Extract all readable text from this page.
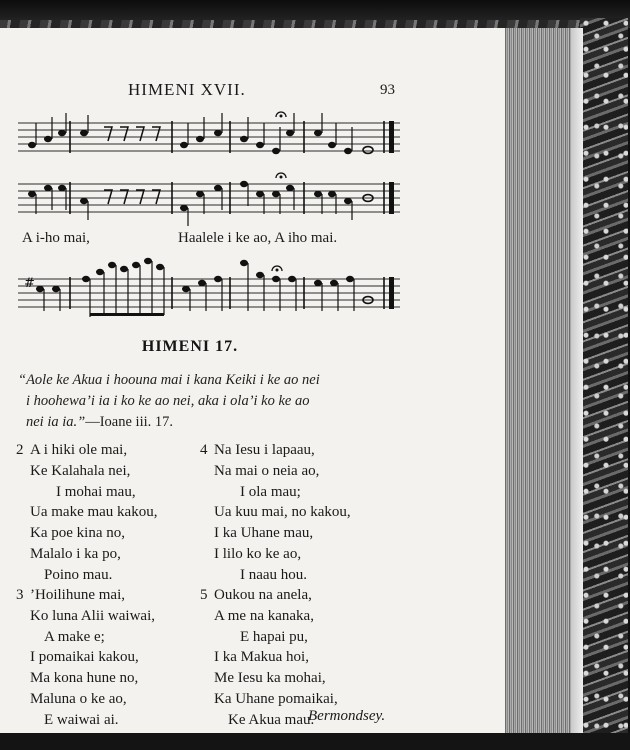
HIMENI XVII.	93
A i-ho mai,	Haalele i ke ao, A iho mai.
#
HIMENI 17.
“Aole ke Akua i hoouna mai i kana Keiki i ke ao nei
i hoohewa’i ia i ko ke ao nei, aka i ola’i ko ke ao
nei ia ia.”—Ioane iii. 17.
2 A i hiki ole mai,
Ke Kalahala nei,
I mohai mau,
Ua make mau kakou,
Ka poe kina no,
Malalo i ka po,
Poino mau.
4 Na Iesu i lapaau,
Na mai o neia ao,
I ola mau;
Ua kuu mai, no kakou,
I ka Uhane mau,
I lilo ko ke ao,
I naau hou.
3 ’Hoilihune mai,
Ko luna Alii waiwai,
A make e;
I pomaikai kakou,
Ma kona hune no,
Maluna o ke ao,
E waiwai ai.
5 Oukou na anela,
A me na kanaka,
E hapai pu,
I ka Makua hoi,
Me Iesu ka mohai,
Ka Uhane pomaikai,
Ke Akua mau.
Bermondsey.
